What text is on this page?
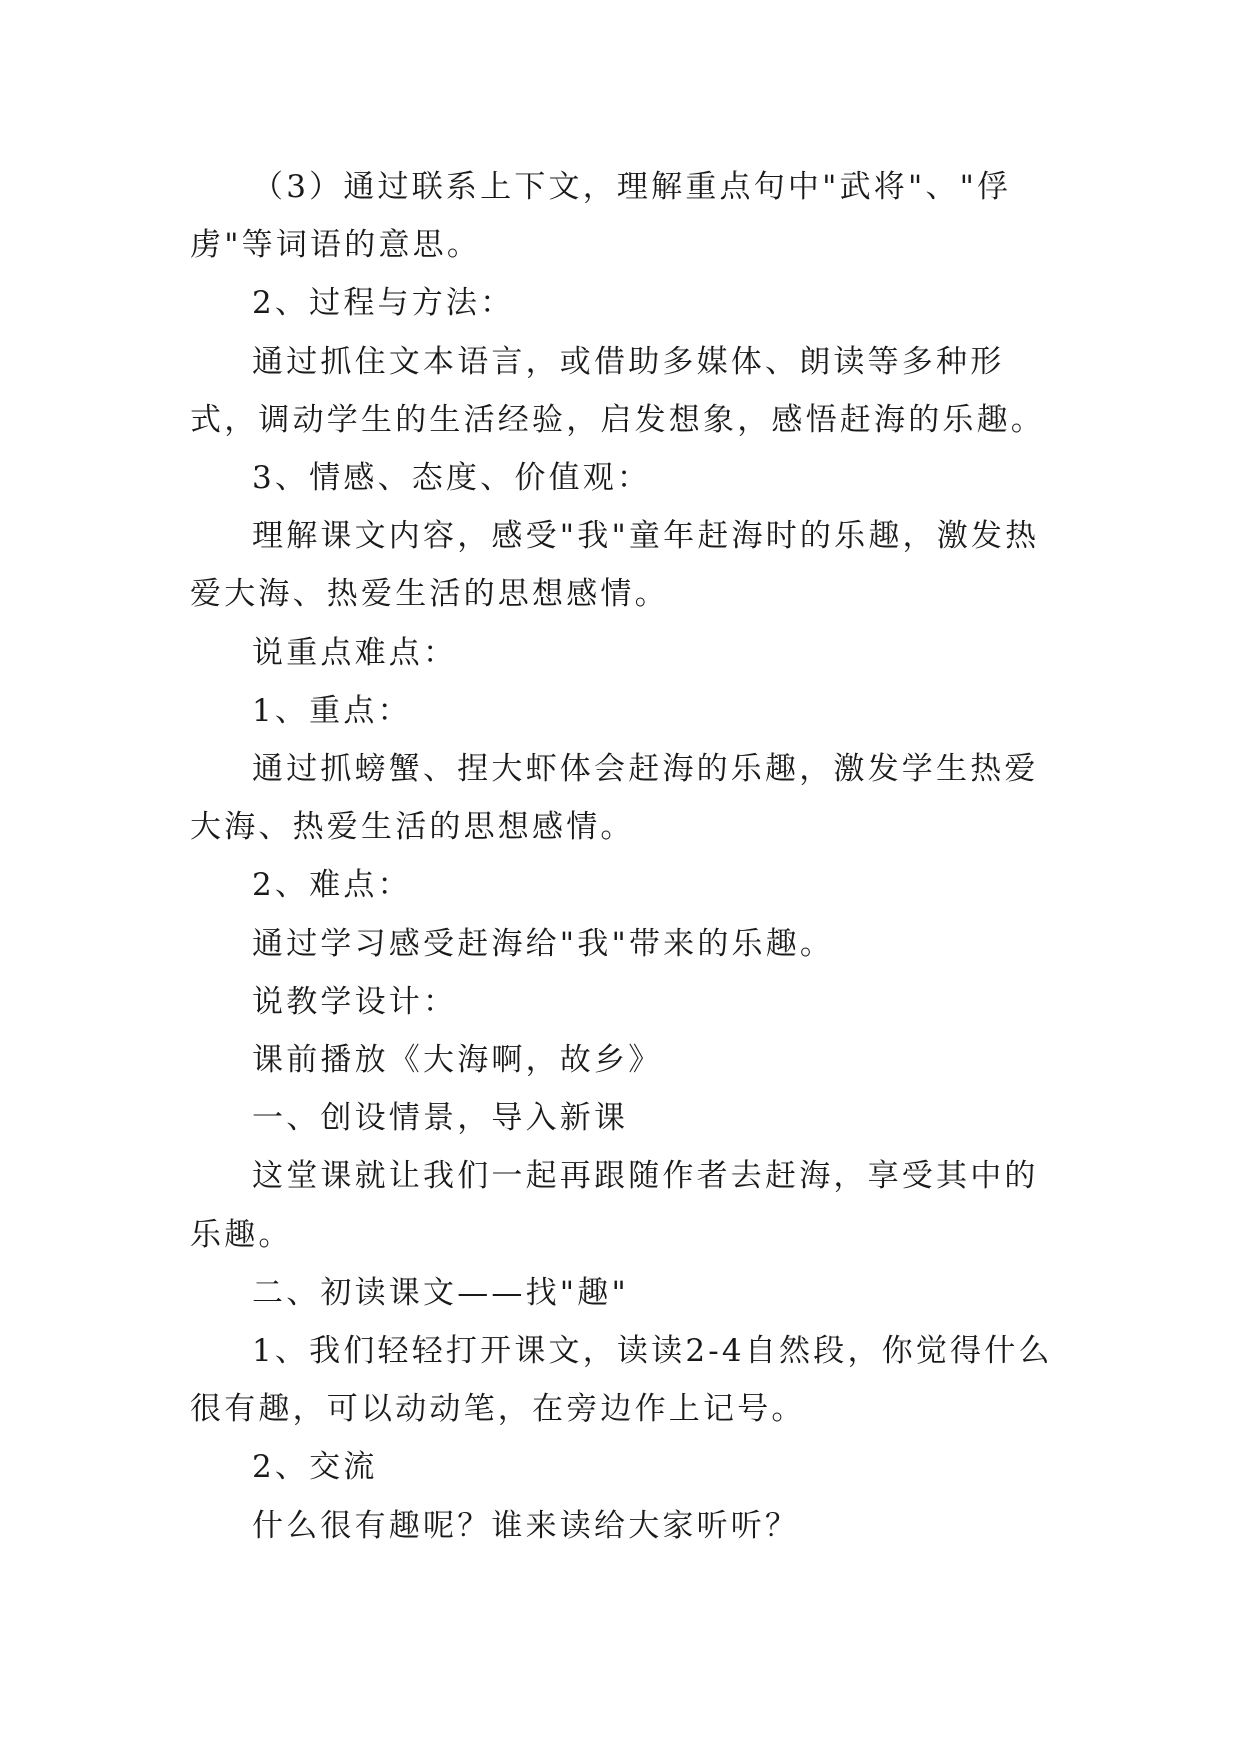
（3）通过联系上下文，理解重点句中"武将"、"俘虏"等词语的意思。

2、过程与方法：

通过抓住文本语言，或借助多媒体、朗读等多种形式，调动学生的生活经验，启发想象，感悟赶海的乐趣。

3、情感、态度、价值观：

理解课文内容，感受"我"童年赶海时的乐趣，激发热爱大海、热爱生活的思想感情。

说重点难点：

1、重点：

通过抓螃蟹、捏大虾体会赶海的乐趣，激发学生热爱大海、热爱生活的思想感情。

2、难点：

通过学习感受赶海给"我"带来的乐趣。

说教学设计：

课前播放《大海啊，故乡》

一、创设情景，导入新课

这堂课就让我们一起再跟随作者去赶海，享受其中的乐趣。

二、初读课文——找"趣"

1、我们轻轻打开课文，读读2-4自然段，你觉得什么很有趣，可以动动笔，在旁边作上记号。

2、交流

什么很有趣呢？谁来读给大家听听？
